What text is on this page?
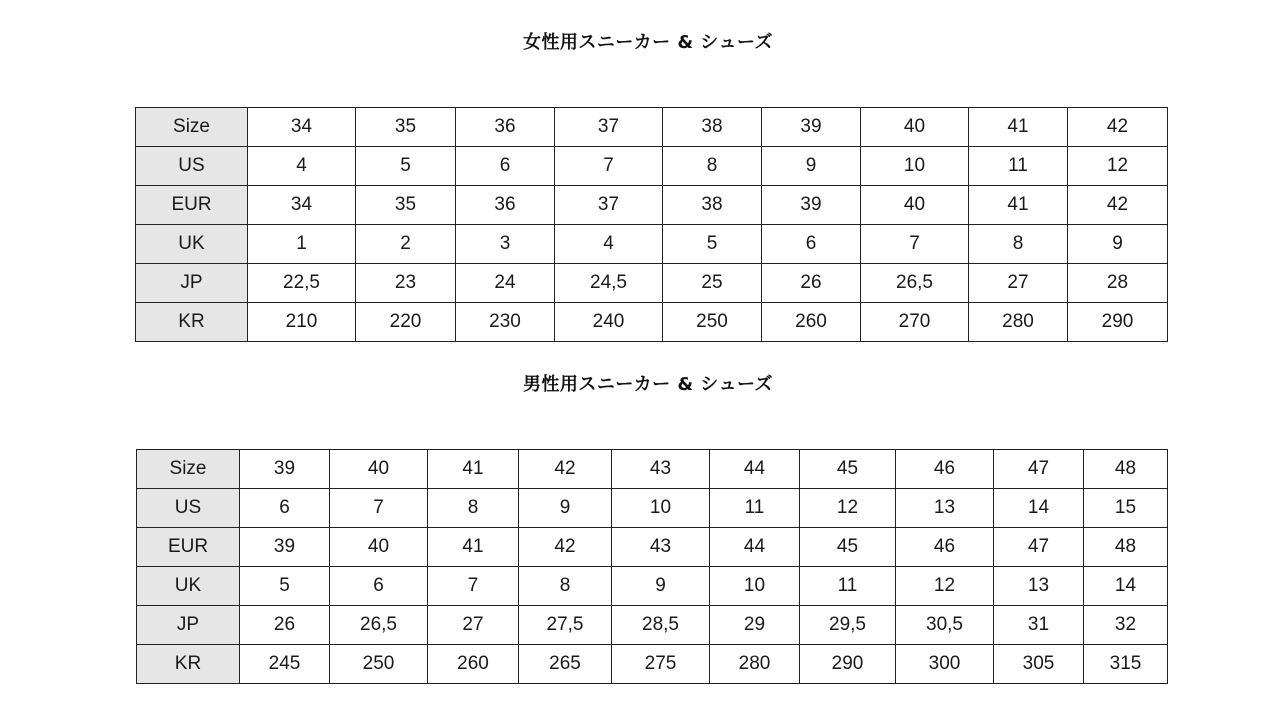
女性用スニーカー & シューズ
Size	34	35	36	37	38	39	40	41	42
US	4	5	6	7	8	9	10	11	12
EUR	34	35	36	37	38	39	40	41	42
UK	1	2	3	4	5	6	7	8	9
JP	22,5	23	24	24,5	25	26	26,5	27	28
KR	210	220	230	240	250	260	270	280	290
男性用スニーカー & シューズ
Size	39	40	41	42	43	44	45	46	47	48
US	6	7	8	9	10	11	12	13	14	15
EUR	39	40	41	42	43	44	45	46	47	48
UK	5	6	7	8	9	10	11	12	13	14
JP	26	26,5	27	27,5	28,5	29	29,5	30,5	31	32
KR	245	250	260	265	275	280	290	300	305	315
